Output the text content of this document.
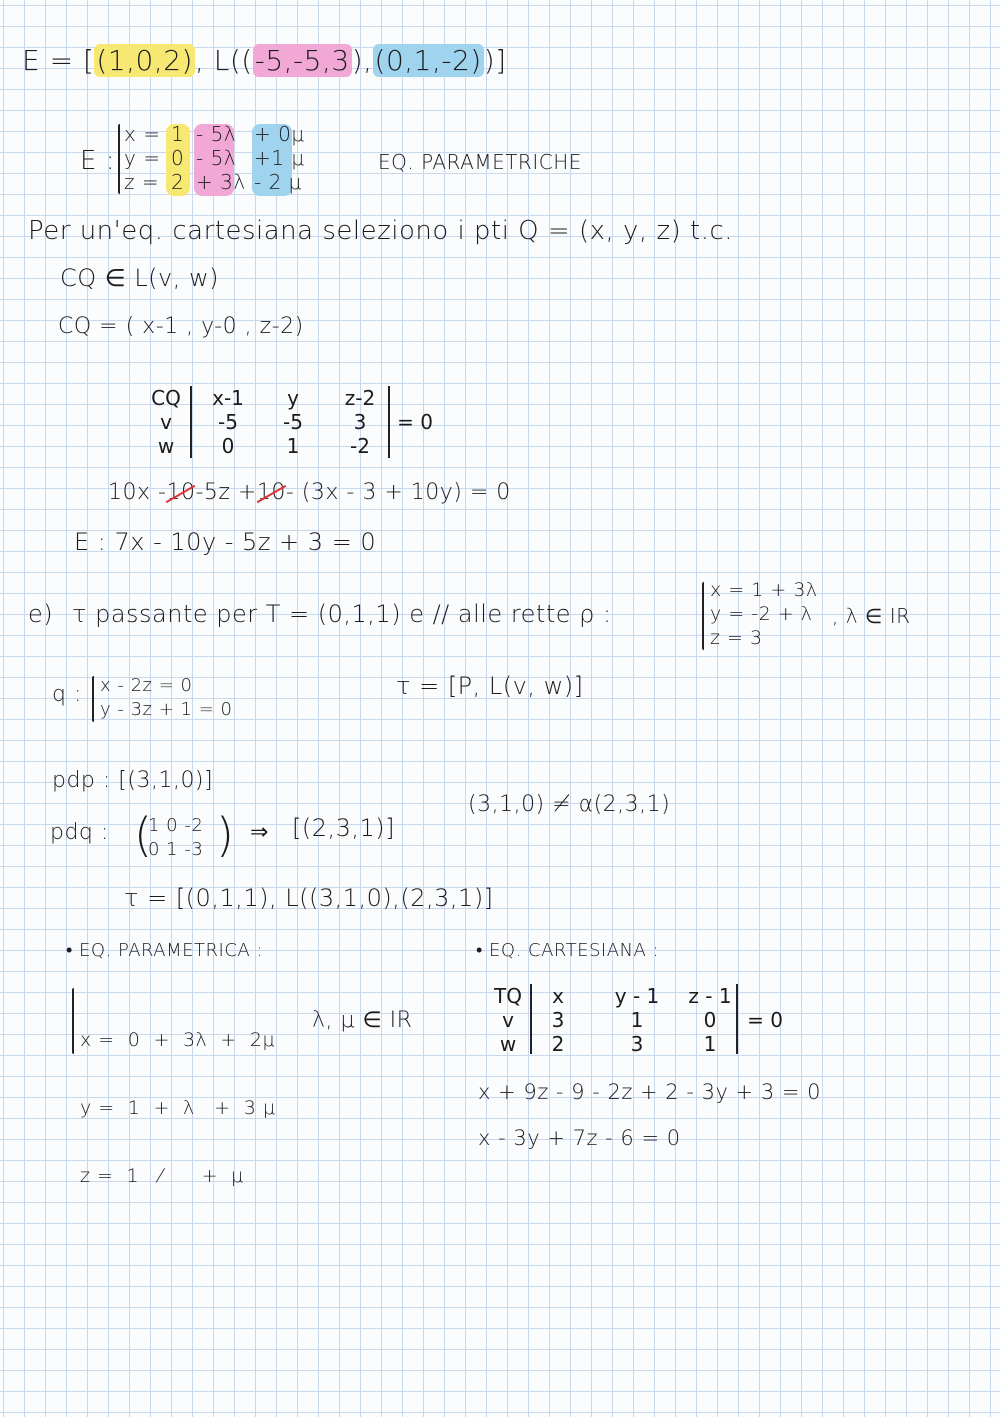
E = [(1,0,2), L((-5,-5,3),(0,1,-2))]
E :
x =
y =
z =
1
0
2
- 5λ
- 5λ
+ 3λ
+ 0μ
+1 μ
- 2 μ
EQ. PARAMETRICHE
Per un'eq. cartesiana seleziono i pti Q = (x, y, z) t.c.
CQ ∈ L(v, w)
CQ = ( x-1 , y-0 , z-2)
CQ
v
w
x-1
-5
0
y
-5
1
z-2
3
-2
= 0
10x -10-5z +10- (3x - 3 + 10y) = 0
E : 7x - 10y - 5z + 3 = 0
e) τ passante per T = (0,1,1) e // alle rette ρ :
x = 1 + 3λ
y = -2 + λ
z = 3
, λ ∈ IR
q : x - 2z = 0
y - 3z + 1 = 0
τ = [P, L(v, w)]
pdp : [(3,1,0)]
(3,1,0) ≠ α(2,3,1)
pdq : (
1 0 -2
0 1 -3 ) ⇒ [(2,3,1)]
τ = [(0,1,1), L((3,1,0),(2,3,1)]
• EQ. PARAMETRICA :

x =  0  +  3λ  +  2μ

y =  1  +  λ   +  3 μ

z =  1   ⁄      +  μ

λ, μ ∈ IR
• EQ. CARTESIANA :
TQ
v
w
x
3
2
y - 1
1
3
z - 1
0
1
= 0
x + 9z - 9 - 2z + 2 - 3y + 3 = 0
x - 3y + 7z - 6 = 0
